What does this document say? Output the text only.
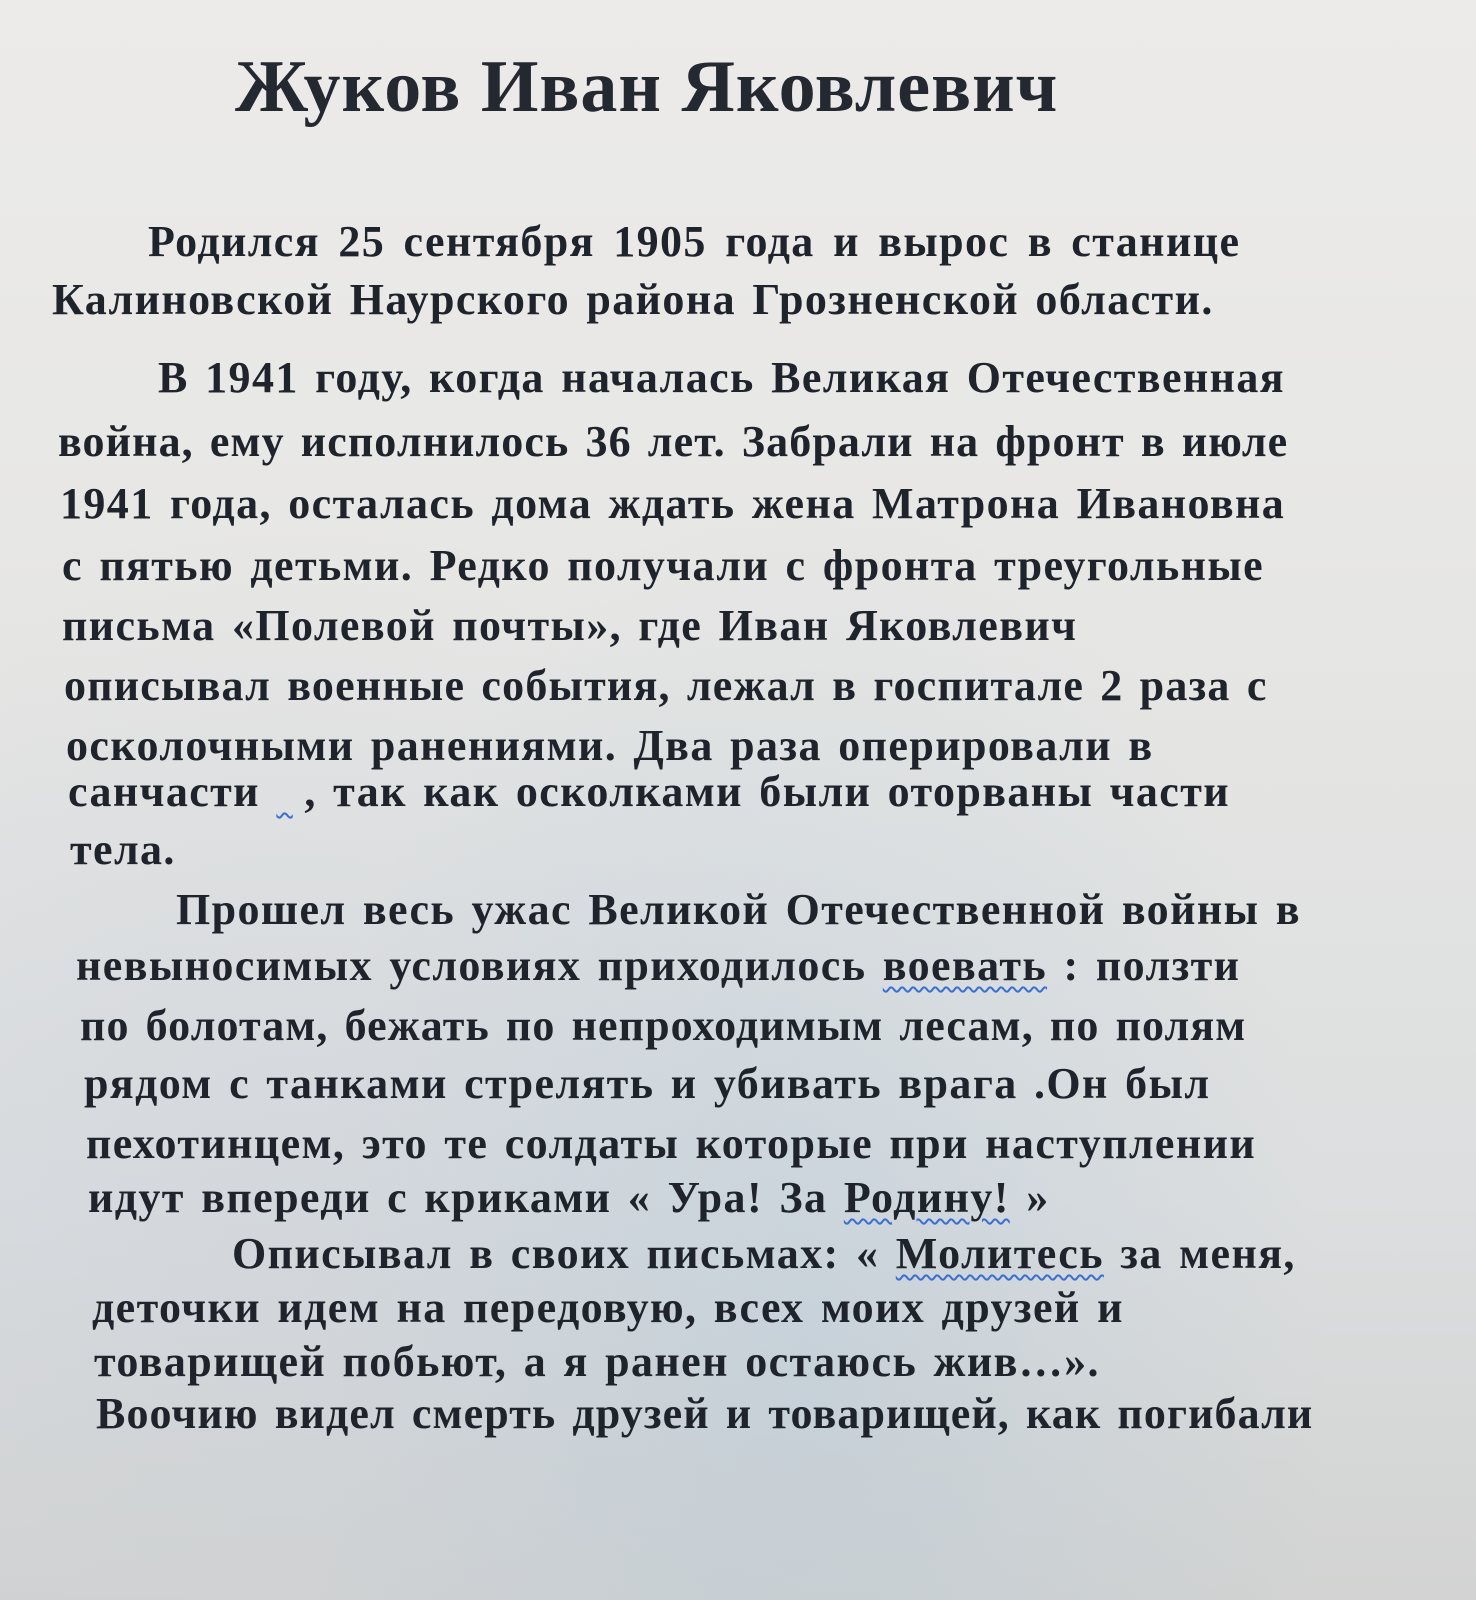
Жуков Иван Яковлевич
Родился 25 сентября 1905 года и вырос в станице
Калиновской Наурского района Грозненской области.
В 1941 году, когда началась Великая Отечественная
война, ему исполнилось 36 лет. Забрали на фронт в июле
1941 года, осталась дома ждать жена Матрона Ивановна
с пятью детьми. Редко получали с фронта треугольные
письма «Полевой почты», где Иван Яковлевич
описывал военные события, лежал в госпитале 2 раза с
осколочными ранениями. Два раза оперировали в
санчасти , так как осколками были оторваны части
тела.
Прошел весь ужас Великой Отечественной войны в
невыносимых условиях приходилось воевать : ползти
по болотам, бежать по непроходимым лесам, по полям
рядом с танками стрелять и убивать врага .Он был
пехотинцем, это те солдаты которые при наступлении
идут впереди с криками « Ура! За Родину! »
Описывал в своих письмах: « Молитесь за меня,
деточки идем на передовую, всех моих друзей и
товарищей побьют, а я ранен остаюсь жив…».
Воочию видел смерть друзей и товарищей, как погибали
